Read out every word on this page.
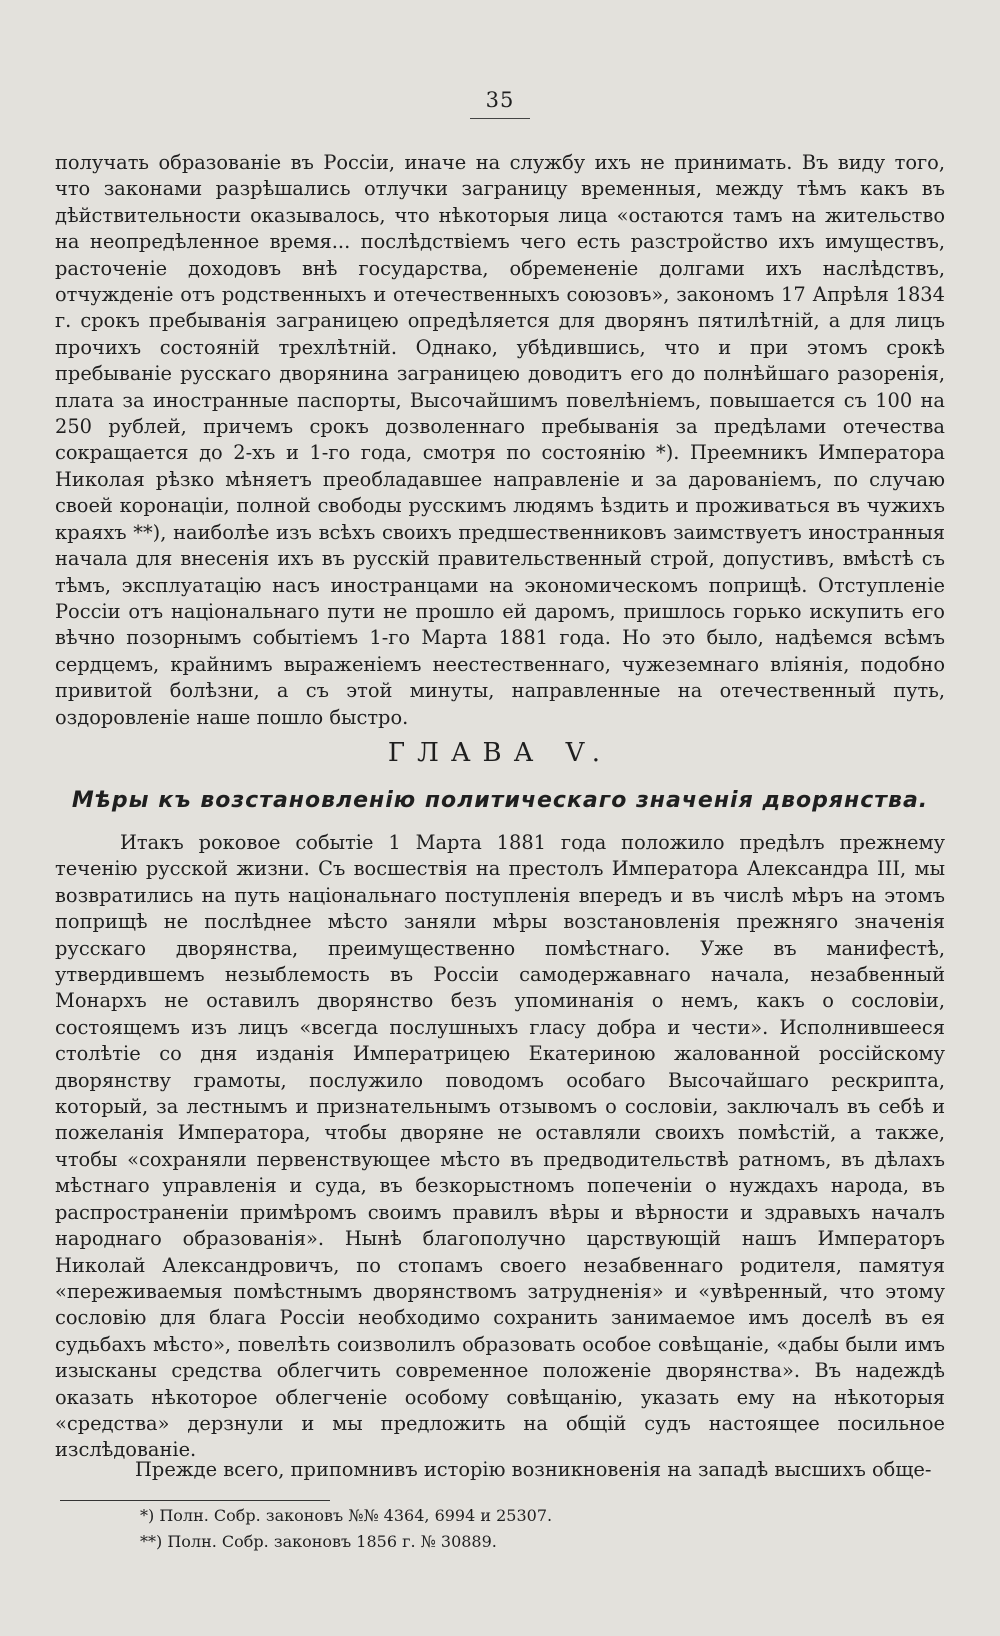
35

получать образованіе въ Россіи, иначе на службу ихъ не принимать. Въ виду того, что законами разрѣшались отлучки заграницу временныя, между тѣмъ какъ въ дѣйствительности оказывалось, что нѣкоторыя лица «остаются тамъ на жительство на неопредѣленное время... послѣдствіемъ чего есть разстройство ихъ имуществъ, расточеніе доходовъ внѣ государства, обремененіе долгами ихъ наслѣдствъ, отчужденіе отъ родственныхъ и отечественныхъ союзовъ», закономъ 17 Апрѣля 1834 г. срокъ пребыванія заграницею опредѣляется для дворянъ пятилѣтній, а для лицъ прочихъ состояній трехлѣтній. Однако, убѣдившись, что и при этомъ срокѣ пребываніе русскаго дворянина заграницею доводитъ его до полнѣйшаго разоренія, плата за иностранные паспорты, Высочайшимъ повелѣніемъ, повышается съ 100 на 250 рублей, причемъ срокъ дозволеннаго пребыванія за предѣлами отечества сокращается до 2-хъ и 1-го года, смотря по состоянію *). Преемникъ Императора Николая рѣзко мѣняетъ преобладавшее направленіе и за дарованіемъ, по случаю своей коронаціи, полной свободы русскимъ людямъ ѣздить и проживаться въ чужихъ краяхъ **), наиболѣе изъ всѣхъ своихъ предшественниковъ заимствуетъ иностранныя начала для внесенія ихъ въ русскій правительственный строй, допустивъ, вмѣстѣ съ тѣмъ, эксплуатацію насъ иностранцами на экономическомъ поприщѣ. Отступленіе Россіи отъ національнаго пути не прошло ей даромъ, пришлось горько искупить его вѣчно позорнымъ событіемъ 1-го Марта 1881 года. Но это было, надѣемся всѣмъ сердцемъ, крайнимъ выраженіемъ неестественнаго, чужеземнаго вліянія, подобно привитой болѣзни, а съ этой минуты, направленные на отечественный путь, оздоровленіе наше пошло быстро.

ГЛАВА V.
Мѣры къ возстановленію политическаго значенія дворянства.

Итакъ роковое событіе 1 Марта 1881 года положило предѣлъ прежнему теченію русской жизни. Съ восшествія на престолъ Императора Александра III, мы возвратились на путь національнаго поступленія впередъ и въ числѣ мѣръ на этомъ поприщѣ не послѣднее мѣсто заняли мѣры возстановленія прежняго значенія русскаго дворянства, преимущественно помѣстнаго. Уже въ манифестѣ, утвердившемъ незыблемость въ Россіи самодержавнаго начала, незабвенный Монархъ не оставилъ дворянство безъ упоминанія о немъ, какъ о сословіи, состоящемъ изъ лицъ «всегда послушныхъ гласу добра и чести». Исполнившееся столѣтіе со дня изданія Императрицею Екатериною жалованной россійскому дворянству грамоты, послужило поводомъ особаго Высочайшаго рескрипта, который, за лестнымъ и признательнымъ отзывомъ о сословіи, заключалъ въ себѣ и пожеланія Императора, чтобы дворяне не оставляли своихъ помѣстій, а также, чтобы «сохраняли первенствующее мѣсто въ предводительствѣ ратномъ, въ дѣлахъ мѣстнаго управленія и суда, въ безкорыстномъ попеченіи о нуждахъ народа, въ распространеніи примѣромъ своимъ правилъ вѣры и вѣрности и здравыхъ началъ народнаго образованія». Нынѣ благополучно царствующій нашъ Императоръ Николай Александровичъ, по стопамъ своего незабвеннаго родителя, памятуя «переживаемыя помѣстнымъ дворянствомъ затрудненія» и «увѣренный, что этому сословію для блага Россіи необходимо сохранить занимаемое имъ доселѣ въ ея судьбахъ мѣсто», повелѣть соизволилъ образовать особое совѣщаніе, «дабы были имъ изысканы средства облегчить современное положеніе дворянства». Въ надеждѣ оказать нѣкоторое облегченіе особому совѣщанію, указать ему на нѣкоторыя «средства» дерзнули и мы предложить на общій судъ настоящее посильное изслѣдованіе.

Прежде всего, припомнивъ исторію возникновенія на западѣ высшихъ обще-

*) Полн. Собр. законовъ №№ 4364, 6994 и 25307.
**) Полн. Собр. законовъ 1856 г. № 30889.
